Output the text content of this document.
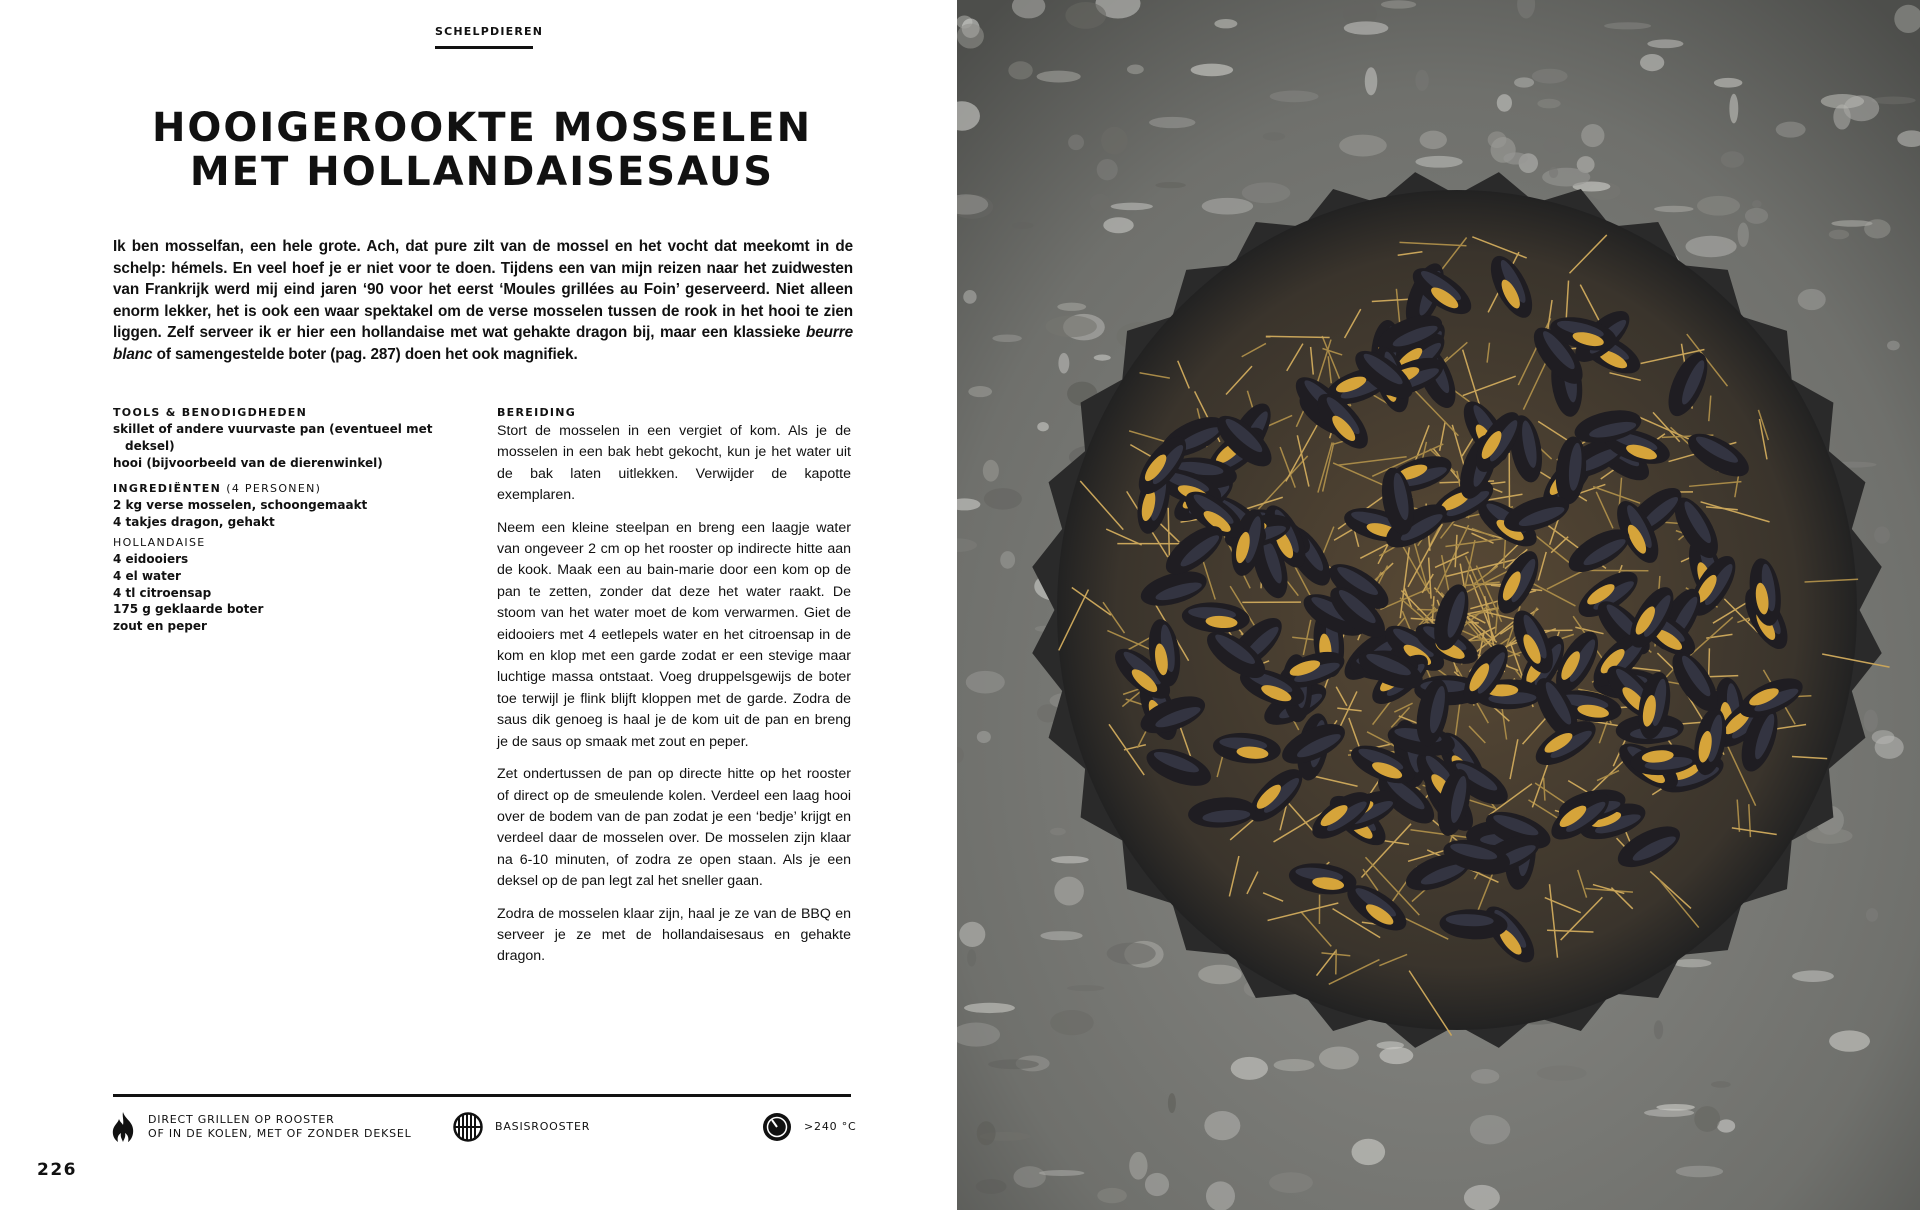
SCHELPDIEREN
HOOIGEROOKTE MOSSELEN
MET HOLLANDAISESAUS

Ik ben mosselfan, een hele grote. Ach, dat pure zilt van de mossel en het vocht dat meekomt in de schelp: hémels. En veel hoef je er niet voor te doen. Tijdens een van mijn reizen naar het zuidwesten van Frankrijk werd mij eind jaren ‘90 voor het eerst ‘Moules grillées au Foin’ geserveerd. Niet alleen enorm lekker, het is ook een waar spektakel om de verse mosselen tussen de rook in het hooi te zien liggen. Zelf serveer ik er hier een hollandaise met wat gehakte dragon bij, maar een klassieke beurre blanc of samengestelde boter (pag. 287) doen het ook magnifiek.

TOOLS & BENODIGDHEDEN
skillet of andere vuurvaste pan (eventueel met deksel)
hooi (bijvoorbeeld van de dierenwinkel)
INGREDIËNTEN (4 PERSONEN)
2 kg verse mosselen, schoongemaakt
4 takjes dragon, gehakt
HOLLANDAISE
4 eidooiers
4 el water
4 tl citroensap
175 g geklaarde boter
zout en peper
BEREIDING

Stort de mosselen in een vergiet of kom. Als je de mosselen in een bak hebt gekocht, kun je het water uit de bak laten uitlekken. Verwijder de kapotte exemplaren.

Neem een kleine steelpan en breng een laagje water van ongeveer 2 cm op het rooster op indirecte hitte aan de kook. Maak een au bain-marie door een kom op de pan te zetten, zonder dat deze het water raakt. De stoom van het water moet de kom verwarmen. Giet de eidooiers met 4 eetlepels water en het citroensap in de kom en klop met een garde zodat er een stevige maar luchtige massa ontstaat. Voeg druppelsgewijs de boter toe terwijl je flink blijft kloppen met de garde. Zodra de saus dik genoeg is haal je de kom uit de pan en breng je de saus op smaak met zout en peper.

Zet ondertussen de pan op directe hitte op het rooster of direct op de smeulende kolen. Verdeel een laag hooi over de bodem van de pan zodat je een ‘bedje’ krijgt en verdeel daar de mosselen over. De mosselen zijn klaar na 6-10 minuten, of zodra ze open staan. Als je een deksel op de pan legt zal het sneller gaan.

Zodra de mosselen klaar zijn, haal je ze van de BBQ en serveer je ze met de hollandaisesaus en gehakte dragon.

DIRECT GRILLEN OP ROOSTER
OF IN DE KOLEN, MET OF ZONDER DEKSEL
BASISROOSTER	>240 °C
226
